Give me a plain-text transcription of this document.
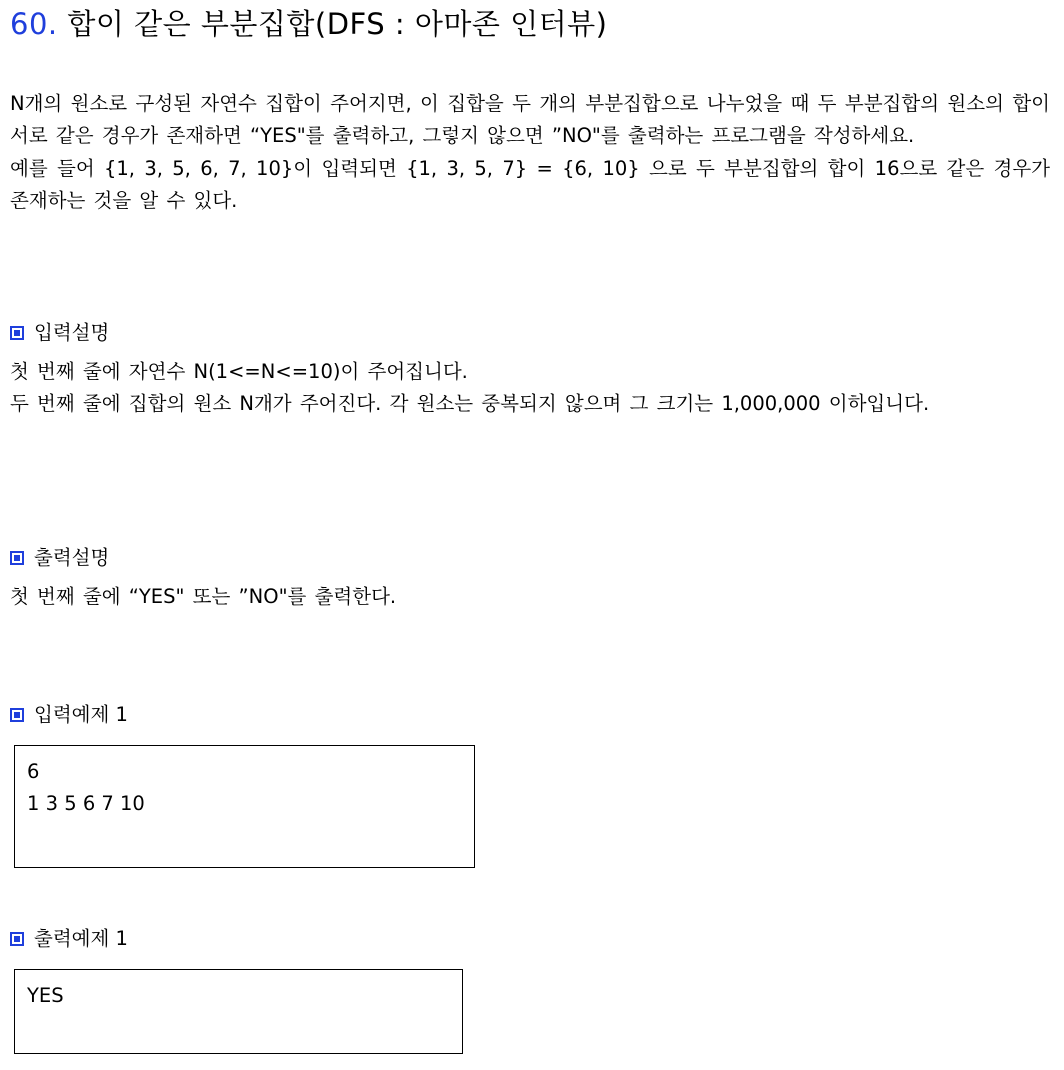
60. 합이 같은 부분집합(DFS : 아마존 인터뷰)

N개의 원소로 구성된 자연수 집합이 주어지면, 이 집합을 두 개의 부분집합으로 나누었을 때 두 부분집합의 원소의 합이 서로 같은 경우가 존재하면 “YES"를 출력하고, 그렇지 않으면 ”NO"를 출력하는 프로그램을 작성하세요.

예를 들어 {1, 3, 5, 6, 7, 10}이 입력되면 {1, 3, 5, 7} = {6, 10} 으로 두 부분집합의 합이 16으로 같은 경우가 존재하는 것을 알 수 있다.

입력설명

첫 번째 줄에 자연수 N(1<=N<=10)이 주어집니다.

두 번째 줄에 집합의 원소 N개가 주어진다. 각 원소는 중복되지 않으며 그 크기는 1,000,000 이하입니다.

출력설명

첫 번째 줄에 “YES" 또는 ”NO"를 출력한다.

입력예제 1
6
1 3 5 6 7 10
출력예제 1
YES
